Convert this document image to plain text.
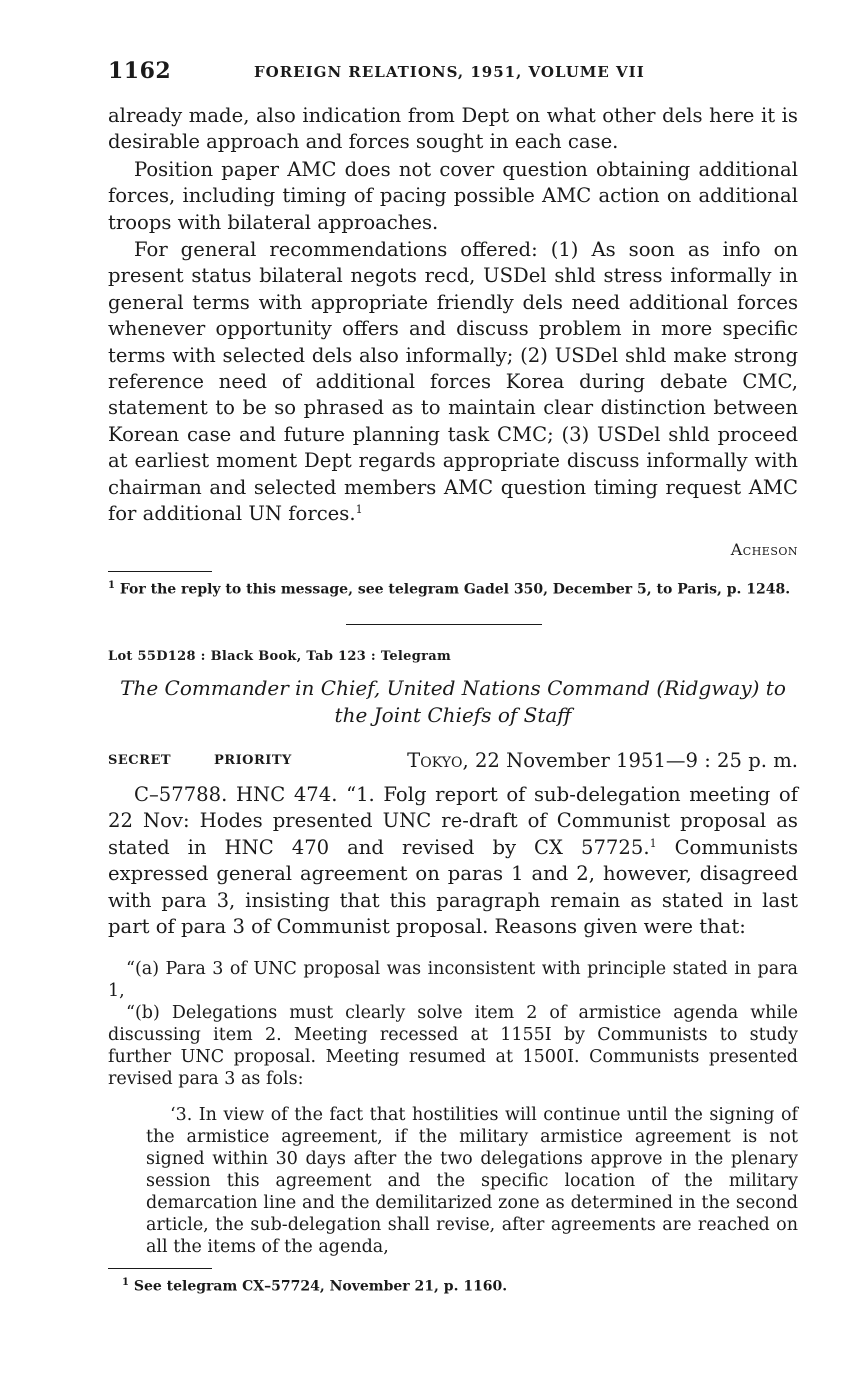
1162	FOREIGN RELATIONS, 1951, VOLUME VII

already made, also indication from Dept on what other dels here it is desirable approach and forces sought in each case.

Position paper AMC does not cover question obtaining additional forces, including timing of pacing possible AMC action on additional troops with bilateral approaches.

For general recommendations offered: (1) As soon as info on present status bilateral negots recd, USDel shld stress informally in general terms with appropriate friendly dels need additional forces whenever opportunity offers and discuss problem in more specific terms with selected dels also informally; (2) USDel shld make strong reference need of additional forces Korea during debate CMC, statement to be so phrased as to maintain clear distinction between Korean case and future planning task CMC; (3) USDel shld proceed at earliest moment Dept regards appropriate discuss informally with chairman and selected members AMC question timing request AMC for additional UN forces.$^1$

Acheson
$^1$ For the reply to this message, see telegram Gadel 350, December 5, to Paris, p. 1248.
Lot 55D128 : Black Book, Tab 123 : Telegram
The Commander in Chief, United Nations Command (Ridgway) to
the Joint Chiefs of Staff
SECRET	PRIORITY	Tokyo, 22 November 1951—9 : 25 p. m.

C–57788. HNC 474. “1. Folg report of sub-delegation meeting of 22 Nov: Hodes presented UNC re-draft of Communist proposal as stated in HNC 470 and revised by CX 57725.$^1$ Communists expressed general agreement on paras 1 and 2, however, disagreed with para 3, insisting that this paragraph remain as stated in last part of para 3 of Communist proposal. Reasons given were that:

“(a) Para 3 of UNC proposal was inconsistent with principle stated in para 1,

“(b) Delegations must clearly solve item 2 of armistice agenda while discussing item 2. Meeting recessed at 1155I by Communists to study further UNC proposal. Meeting resumed at 1500I. Communists presented revised para 3 as fols:

‘3. In view of the fact that hostilities will continue until the signing of the armistice agreement, if the military armistice agreement is not signed within 30 days after the two delegations approve in the plenary session this agreement and the specific location of the military demarcation line and the demilitarized zone as determined in the second article, the sub-delegation shall revise, after agreements are reached on all the items of the agenda,

$^1$ See telegram CX–57724, November 21, p. 1160.
